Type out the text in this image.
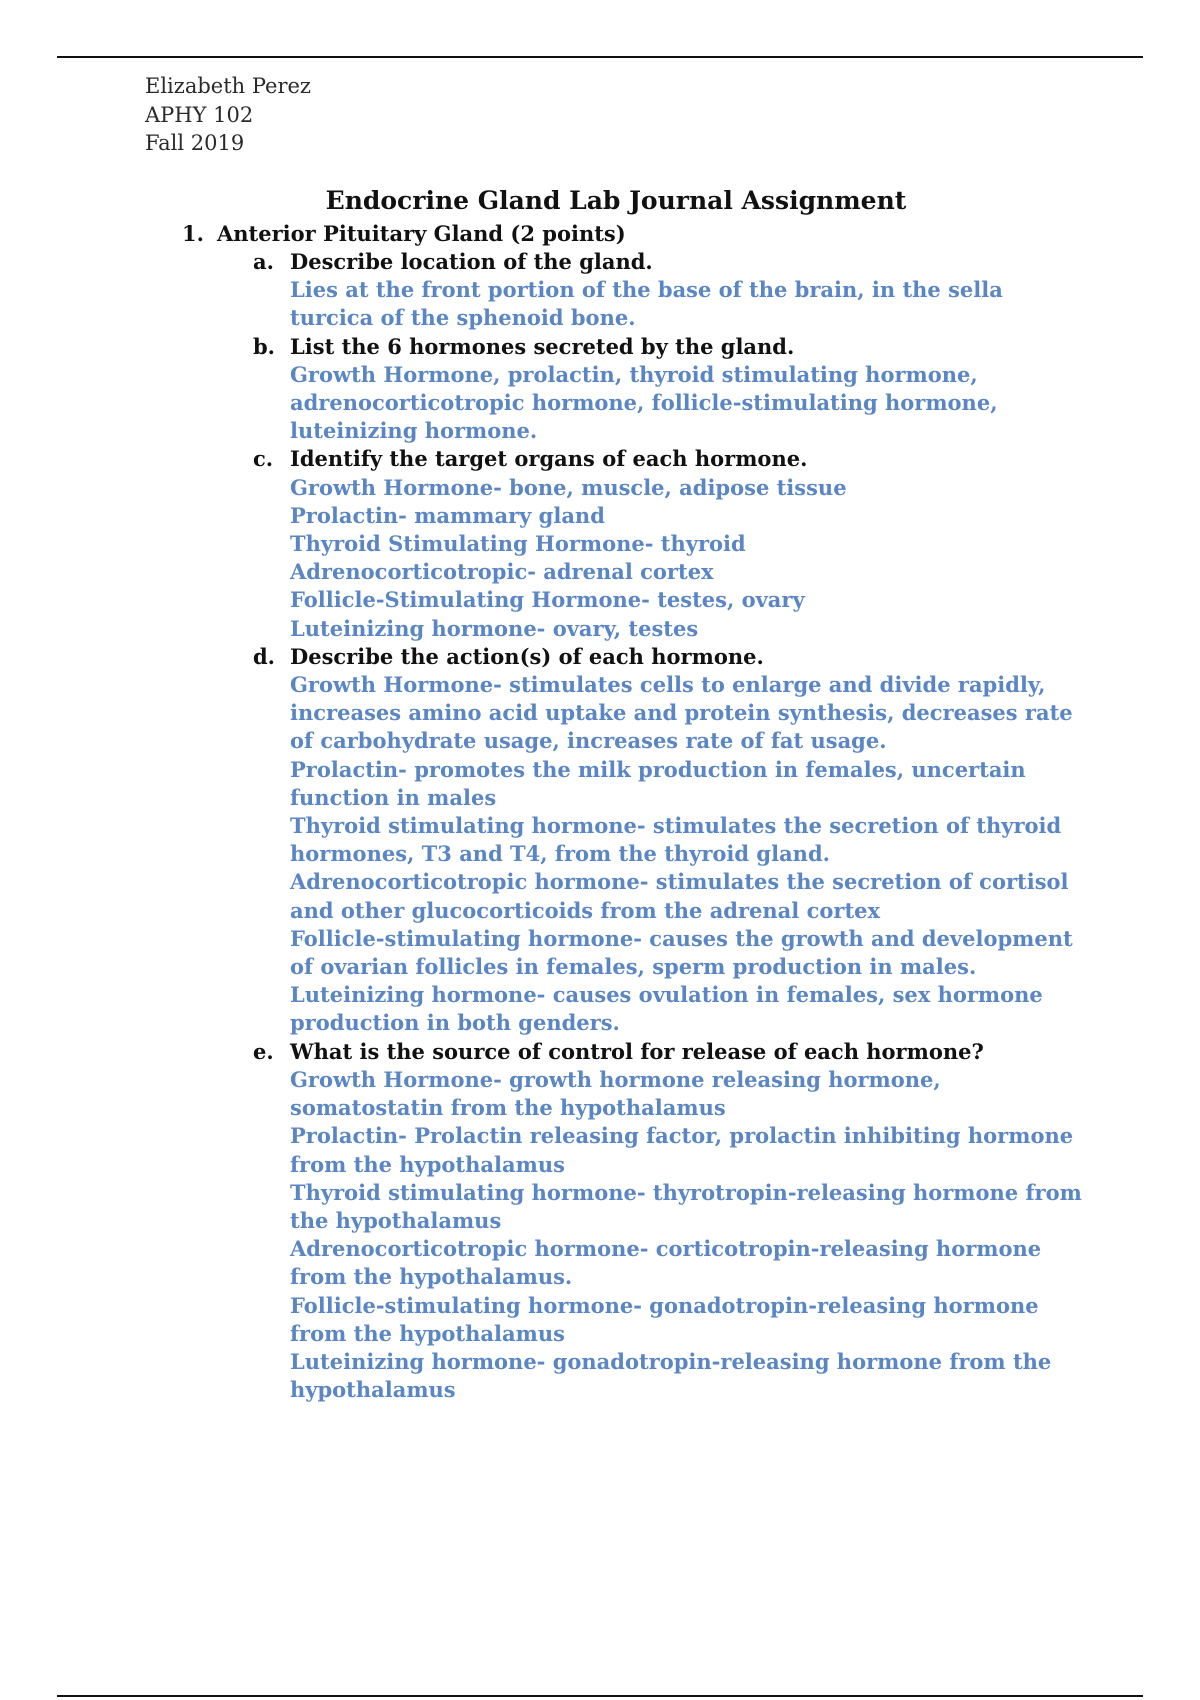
Elizabeth Perez
APHY 102
Fall 2019
Endocrine Gland Lab Journal Assignment
1. Anterior Pituitary Gland (2 points)
a. Describe location of the gland.

Lies at the front portion of the base of the brain, in the sella turcica of the sphenoid bone.

b. List the 6 hormones secreted by the gland.

Growth Hormone, prolactin, thyroid stimulating hormone, adrenocorticotropic hormone, follicle-stimulating hormone, luteinizing hormone.

c. Identify the target organs of each hormone.

Growth Hormone- bone, muscle, adipose tissue

Prolactin- mammary gland

Thyroid Stimulating Hormone- thyroid

Adrenocorticotropic- adrenal cortex

Follicle-Stimulating Hormone- testes, ovary

Luteinizing hormone- ovary, testes

d. Describe the action(s) of each hormone.

Growth Hormone- stimulates cells to enlarge and divide rapidly, increases amino acid uptake and protein synthesis, decreases rate of carbohydrate usage, increases rate of fat usage.

Prolactin- promotes the milk production in females, uncertain function in males

Thyroid stimulating hormone- stimulates the secretion of thyroid hormones, T3 and T4, from the thyroid gland.

Adrenocorticotropic hormone- stimulates the secretion of cortisol and other glucocorticoids from the adrenal cortex

Follicle-stimulating hormone- causes the growth and development of ovarian follicles in females, sperm production in males.

Luteinizing hormone- causes ovulation in females, sex hormone production in both genders.

e. What is the source of control for release of each hormone?

Growth Hormone- growth hormone releasing hormone, somatostatin from the hypothalamus

Prolactin- Prolactin releasing factor, prolactin inhibiting hormone from the hypothalamus

Thyroid stimulating hormone- thyrotropin-releasing hormone from the hypothalamus

Adrenocorticotropic hormone- corticotropin-releasing hormone from the hypothalamus.

Follicle-stimulating hormone- gonadotropin-releasing hormone from the hypothalamus

Luteinizing hormone- gonadotropin-releasing hormone from the hypothalamus
